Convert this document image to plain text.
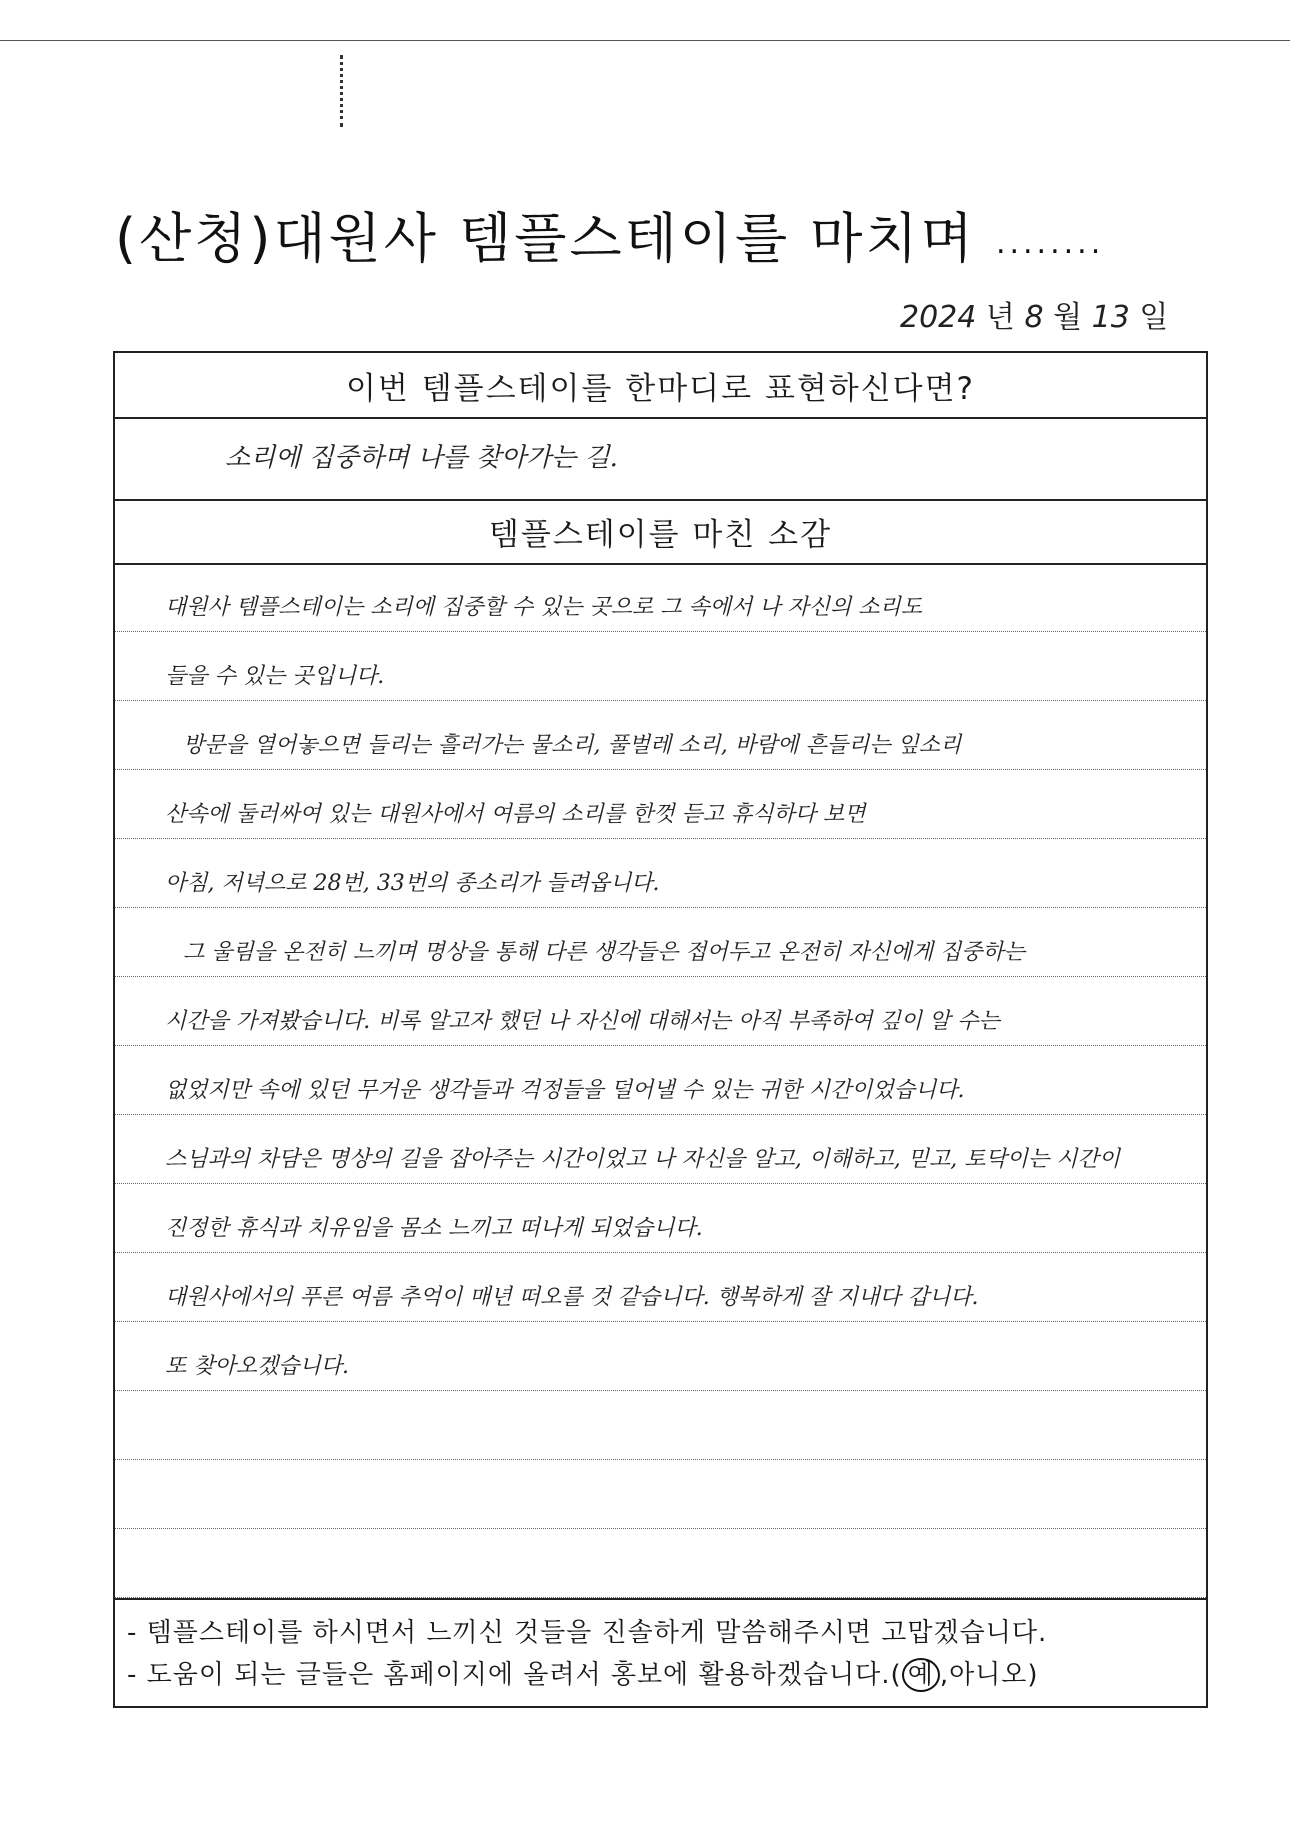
(산청)대원사 템플스테이를 마치며 ........
2024 년 8 월 13 일
이번 템플스테이를 한마디로 표현하신다면?
소리에 집중하며 나를 찾아가는 길.
템플스테이를 마친 소감
대원사 템플스테이는 소리에 집중할 수 있는 곳으로 그 속에서 나 자신의 소리도
들을 수 있는 곳입니다.
방문을 열어놓으면 들리는 흘러가는 물소리, 풀벌레 소리, 바람에 흔들리는 잎소리
산속에 둘러싸여 있는 대원사에서 여름의 소리를 한껏 듣고 휴식하다 보면
아침, 저녁으로 28번, 33번의 종소리가 들려옵니다.
그 울림을 온전히 느끼며 명상을 통해 다른 생각들은 접어두고 온전히 자신에게 집중하는
시간을 가져봤습니다. 비록 알고자 했던 나 자신에 대해서는 아직 부족하여 깊이 알 수는
없었지만 속에 있던 무거운 생각들과 걱정들을 덜어낼 수 있는 귀한 시간이었습니다.
스님과의 차담은 명상의 길을 잡아주는 시간이었고 나 자신을 알고, 이해하고, 믿고, 토닥이는 시간이
진정한 휴식과 치유임을 몸소 느끼고 떠나게 되었습니다.
대원사에서의 푸른 여름 추억이 매년 떠오를 것 같습니다. 행복하게 잘 지내다 갑니다.
또 찾아오겠습니다.
- 템플스테이를 하시면서 느끼신 것들을 진솔하게 말씀해주시면 고맙겠습니다.
- 도움이 되는 글들은 홈페이지에 올려서 홍보에 활용하겠습니다.( 예 ,아니오)
